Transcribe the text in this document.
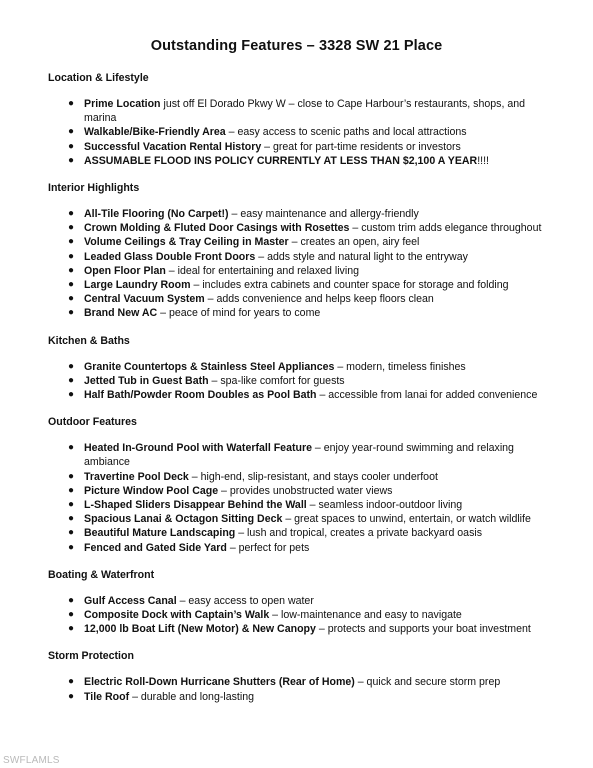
Outstanding Features – 3328 SW 21 Place
Location & Lifestyle
● Prime Location just off El Dorado Pkwy W – close to Cape Harbour’s restaurants, shops, and marina
● Walkable/Bike-Friendly Area – easy access to scenic paths and local attractions
● Successful Vacation Rental History – great for part-time residents or investors
● ASSUMABLE FLOOD INS POLICY CURRENTLY AT LESS THAN $2,100 A YEAR!!!!
Interior Highlights
● All-Tile Flooring (No Carpet!) – easy maintenance and allergy-friendly
● Crown Molding & Fluted Door Casings with Rosettes – custom trim adds elegance throughout
● Volume Ceilings & Tray Ceiling in Master – creates an open, airy feel
● Leaded Glass Double Front Doors – adds style and natural light to the entryway
● Open Floor Plan – ideal for entertaining and relaxed living
● Large Laundry Room – includes extra cabinets and counter space for storage and folding
● Central Vacuum System – adds convenience and helps keep floors clean
● Brand New AC – peace of mind for years to come
Kitchen & Baths
● Granite Countertops & Stainless Steel Appliances – modern, timeless finishes
● Jetted Tub in Guest Bath – spa-like comfort for guests
● Half Bath/Powder Room Doubles as Pool Bath – accessible from lanai for added convenience
Outdoor Features
● Heated In-Ground Pool with Waterfall Feature – enjoy year-round swimming and relaxing ambiance
● Travertine Pool Deck – high-end, slip-resistant, and stays cooler underfoot
● Picture Window Pool Cage – provides unobstructed water views
● L-Shaped Sliders Disappear Behind the Wall – seamless indoor-outdoor living
● Spacious Lanai & Octagon Sitting Deck – great spaces to unwind, entertain, or watch wildlife
● Beautiful Mature Landscaping – lush and tropical, creates a private backyard oasis
● Fenced and Gated Side Yard – perfect for pets
Boating & Waterfront
● Gulf Access Canal – easy access to open water
● Composite Dock with Captain’s Walk – low-maintenance and easy to navigate
● 12,000 lb Boat Lift (New Motor) & New Canopy – protects and supports your boat investment
Storm Protection
● Electric Roll-Down Hurricane Shutters (Rear of Home) – quick and secure storm prep
● Tile Roof – durable and long-lasting
SWFLAMLS
